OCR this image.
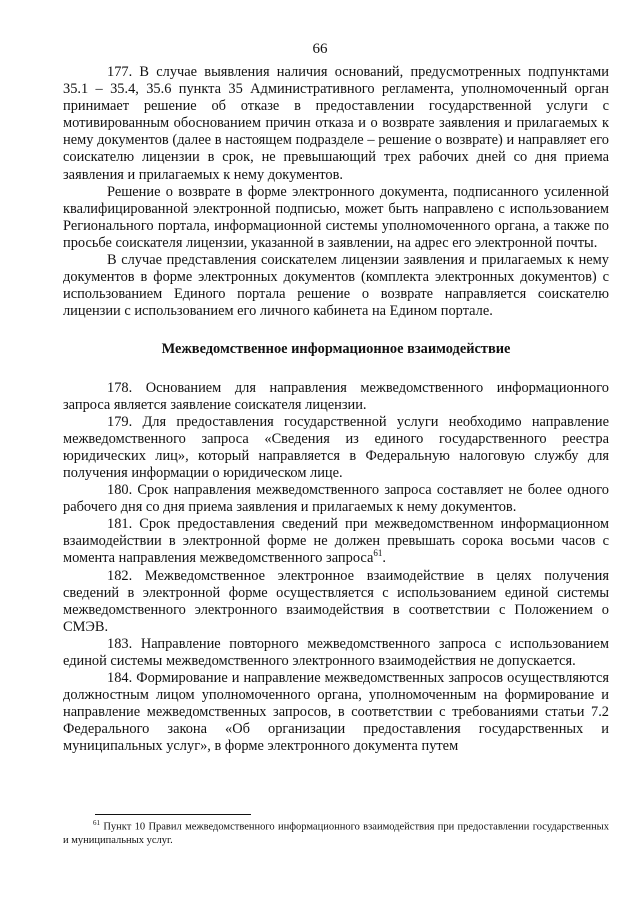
66

177. В случае выявления наличия оснований, предусмотренных подпунктами 35.1 – 35.4, 35.6 пункта 35 Административного регламента, уполномоченный орган принимает решение об отказе в предоставлении государственной услуги с мотивированным обоснованием причин отказа и о возврате заявления и прилагаемых к нему документов (далее в настоящем подразделе – решение о возврате) и направляет его соискателю лицензии в срок, не превышающий трех рабочих дней со дня приема заявления и прилагаемых к нему документов.

Решение о возврате в форме электронного документа, подписанного усиленной квалифицированной электронной подписью, может быть направлено с использованием Регионального портала, информационной системы уполномоченного органа, а также по просьбе соискателя лицензии, указанной в заявлении, на адрес его электронной почты.

В случае представления соискателем лицензии заявления и прилагаемых к нему документов в форме электронных документов (комплекта электронных документов) с использованием Единого портала решение о возврате направляется соискателю лицензии с использованием его личного кабинета на Едином портале.

Межведомственное информационное взаимодействие

178. Основанием для направления межведомственного информационного запроса является заявление соискателя лицензии.

179. Для предоставления государственной услуги необходимо направление межведомственного запроса «Сведения из единого государственного реестра юридических лиц», который направляется в Федеральную налоговую службу для получения информации о юридическом лице.

180. Срок направления межведомственного запроса составляет не более одного рабочего дня со дня приема заявления и прилагаемых к нему документов.

181. Срок предоставления сведений при межведомственном информационном взаимодействии в электронной форме не должен превышать сорока восьми часов с момента направления межведомственного запроса$^{61}$.

182. Межведомственное электронное взаимодействие в целях получения сведений в электронной форме осуществляется с использованием единой системы межведомственного электронного взаимодействия в соответствии с Положением о СМЭВ.

183. Направление повторного межведомственного запроса с использованием единой системы межведомственного электронного взаимодействия не допускается.

184. Формирование и направление межведомственных запросов осуществляются должностным лицом уполномоченного органа, уполномоченным на формирование и направление межведомственных запросов, в соответствии с требованиями статьи 7.2 Федерального закона «Об организации предоставления государственных и муниципальных услуг», в форме электронного документа путем

$^{61}$ Пункт 10 Правил межведомственного информационного взаимодействия при предоставлении государственных и муниципальных услуг.
